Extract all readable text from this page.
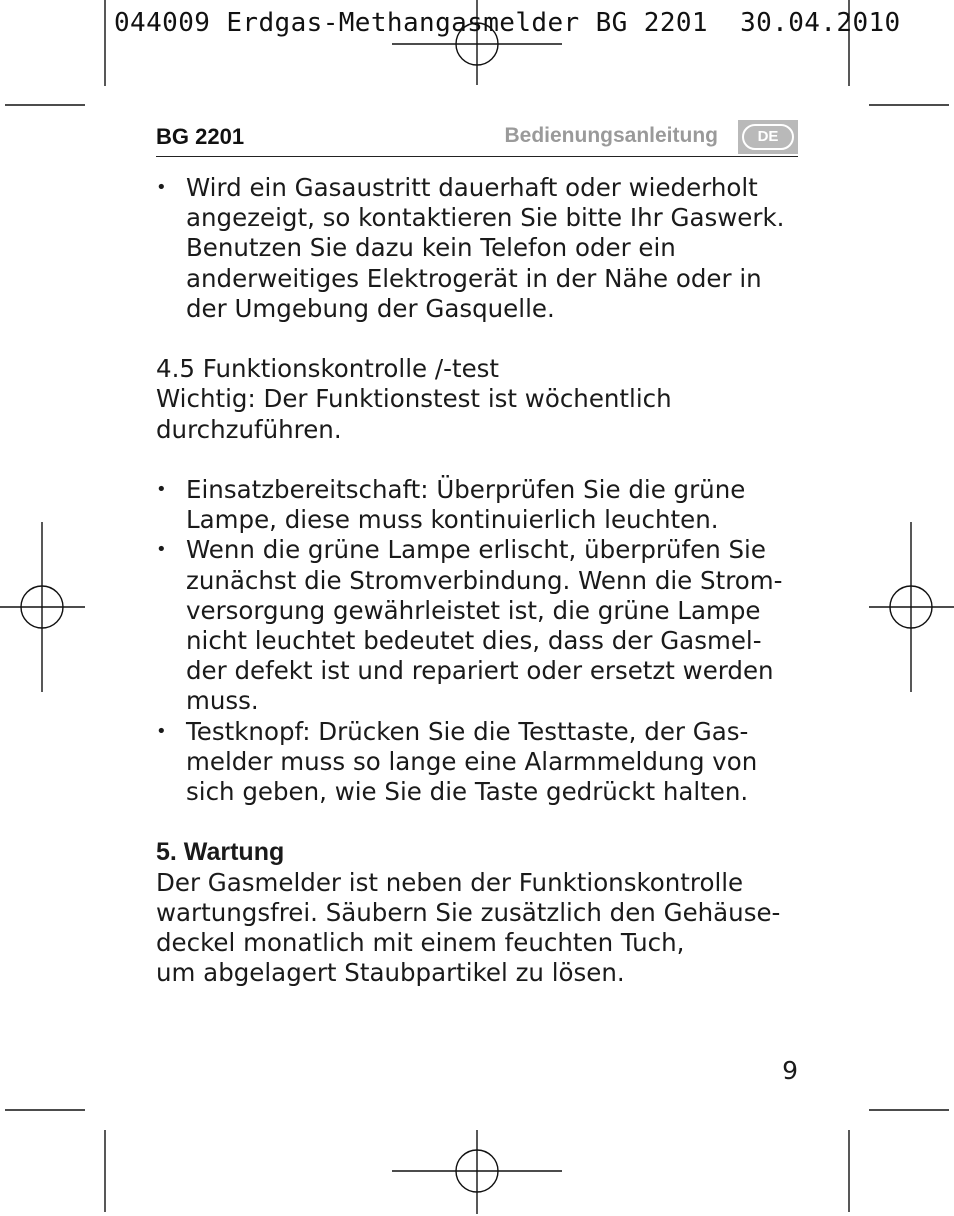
044009 Erdgas-Methangasmelder BG 2201  30.04.2010
BG 2201	Bedienungsanleitung	DE
• Wird ein Gasaustritt dauerhaft oder wiederholt
angezeigt, so kontaktieren Sie bitte Ihr Gaswerk.
Benutzen Sie dazu kein Telefon oder ein
anderweitiges Elektrogerät in der Nähe oder in
der Umgebung der Gasquelle.
4.5 Funktionskontrolle /-test
Wichtig: Der Funktionstest ist wöchentlich
durchzuführen.
• Einsatzbereitschaft: Überprüfen Sie die grüne
Lampe, diese muss kontinuierlich leuchten.
• Wenn die grüne Lampe erlischt, überprüfen Sie
zunächst die Stromverbindung. Wenn die Strom-
versorgung gewährleistet ist, die grüne Lampe
nicht leuchtet bedeutet dies, dass der Gasmel-
der defekt ist und repariert oder ersetzt werden
muss.
• Testknopf: Drücken Sie die Testtaste, der Gas-
melder muss so lange eine Alarmmeldung von
sich geben, wie Sie die Taste gedrückt halten.
5. Wartung
Der Gasmelder ist neben der Funktionskontrolle
wartungsfrei. Säubern Sie zusätzlich den Gehäuse-
deckel monatlich mit einem feuchten Tuch,
um abgelagert Staubpartikel zu lösen.
9
